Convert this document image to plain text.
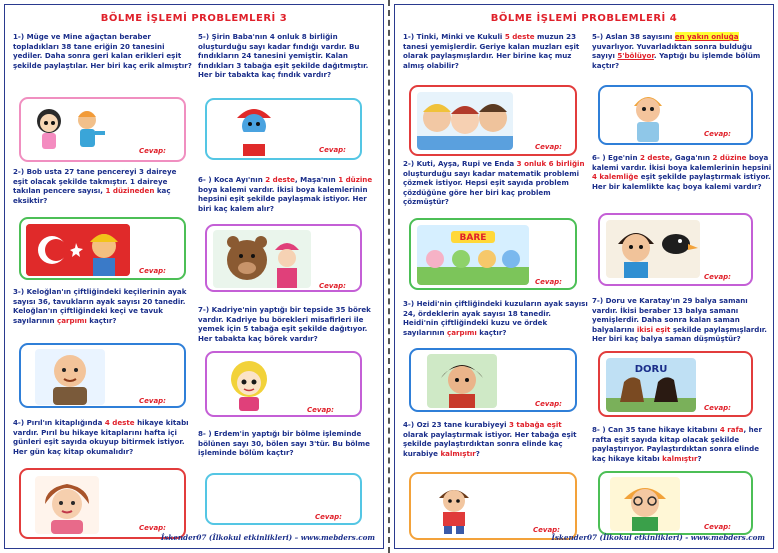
BÖLME İŞLEMİ PROBLEMLERİ 3
1-) Müge ve Mine ağaçtan beraber topladıkları 38 tane eriğin 20 tanesini yediler. Daha sonra geri kalan erikleri eşit şekilde paylaştılar. Her biri kaç erik almıştır?
Cevap:
2-) Bob usta 27 tane pencereyi 3 daireye eşit olacak şekilde takmıştır. 1 daireye takılan pencere sayısı, 1 düzineden kaç eksiktir?
Cevap:
3-) Keloğlan'ın çiftliğindeki keçilerinin ayak sayısı 36, tavukların ayak sayısı 20 tanedir. Keloğlan'ın çiftliğindeki keçi ve tavuk sayılarının çarpımı kaçtır?
Cevap:
4-) Pırıl'ın kitaplığında 4 deste hikaye kitabı vardır. Pırıl bu hikaye kitaplarını hafta içi günleri eşit sayıda okuyup bitirmek istiyor. Her gün kaç kitap okumalıdır?
Cevap:
5-) Şirin Baba'nın 4 onluk 8 birliğin oluşturduğu sayı kadar fındığı vardır. Bu fındıkların 24 tanesini yemiştir. Kalan fındıkları 3 tabağa eşit şekilde dağıtmıştır. Her bir tabakta kaç fındık vardır?
Cevap:
6- ) Koca Ayı'nın 2 deste, Maşa'nın 1 düzine boya kalemi vardır. İkisi boya kalemlerinin hepsini eşit şekilde paylaşmak istiyor. Her biri kaç kalem alır?
Cevap:
7-) Kadriye'nin yaptığı bir tepside 35 börek vardır. Kadriye bu börekleri misafirleri ile yemek için 5 tabağa eşit şekilde dağıtıyor. Her tabakta kaç börek vardır?
Cevap:
8- ) Erdem'in yaptığı bir bölme işleminde bölünen sayı 30, bölen sayı 3'tür. Bu bölme işleminde bölüm kaçtır?
Cevap:
İskender07 (İlkokul etkinlikleri) – www.mebders.com
BÖLME İŞLEMİ PROBLEMLERİ 4
1-) Tinki, Minki ve Kukuli 5 deste muzun 23 tanesi yemişlerdir. Geriye kalan muzları eşit olarak paylaşmışlardır. Her birine kaç muz almış olabilir?
Cevap:
2-) Kuti, Ayşa, Rupi ve Enda 3 onluk 6 birliğin oluşturduğu sayı kadar matematik problemi çözmek istiyor. Hepsi eşit sayıda problem çözdüğüne göre her biri kaç problem çözmüştür?
BARE
Cevap:
3-) Heidi'nin çiftliğindeki kuzuların ayak sayısı 24, ördeklerin ayak sayısı 18 tanedir. Heidi'nin çiftliğindeki kuzu ve ördek sayılarının çarpımı kaçtır?
Cevap:
4-) Ozi 23 tane kurabiyeyi 3 tabağa eşit olarak paylaştırmak istiyor. Her tabağa eşit şekilde paylaştırdıktan sonra elinde kaç kurabiye kalmıştır?
Cevap:
5-) Aslan 38 sayısını en yakın onluğa yuvarlıyor. Yuvarladıktan sonra bulduğu sayıyı 5'bölüyor. Yaptığı bu işlemde bölüm kaçtır?
Cevap:
6- ) Ege'nin 2 deste, Gaga'nın 2 düzine boya kalemi vardır. İkisi boya kalemlerinin hepsini 4 kalemliğe eşit şekilde paylaştırmak istiyor. Her bir kalemlikte kaç boya kalemi vardır?
Cevap:
7-) Doru ve Karatay'ın 29 balya samanı vardır. İkisi beraber 13 balya samanı yemişlerdir. Daha sonra kalan saman balyalarını ikisi eşit şekilde paylaşmışlardır. Her biri kaç balya saman düşmüştür?
DORU
Cevap:
8- ) Can 35 tane hikaye kitabını 4 rafa, her rafta eşit sayıda kitap olacak şekilde paylaştırıyor. Paylaştırdıktan sonra elinde kaç hikaye kitabı kalmıştır?
Cevap:
İskender07 (İlkokul etkinlikleri) - www.mebders.com
